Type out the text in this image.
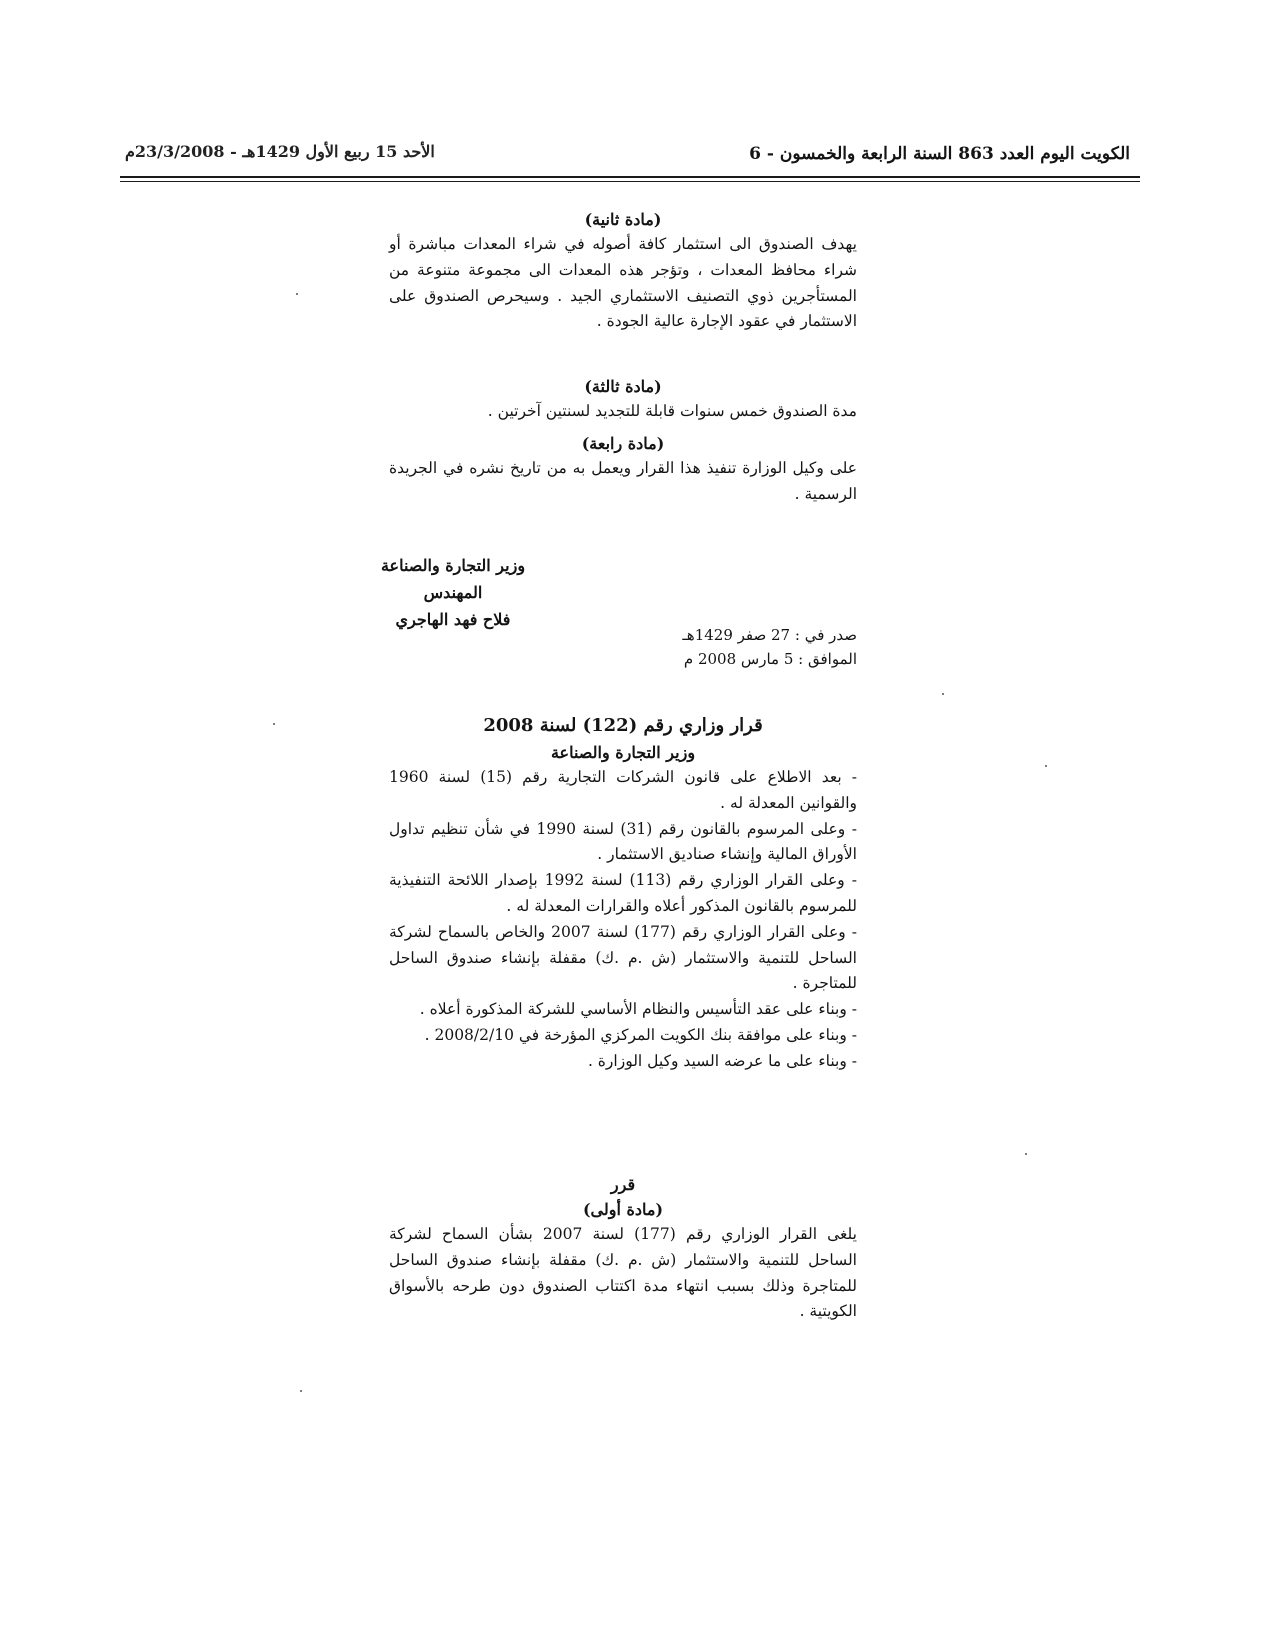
الكويت اليوم العدد 863 السنة الرابعة والخمسون - 6
الأحد 15 ربيع الأول 1429هـ - 23/3/2008م

(مادة ثانية)

يهدف الصندوق الى استثمار كافة أصوله في شراء المعدات مباشرة أو شراء محافظ المعدات ، وتؤجر هذه المعدات الى مجموعة متنوعة من المستأجرين ذوي التصنيف الاستثماري الجيد . وسيحرص الصندوق على الاستثمار في عقود الإجارة عالية الجودة .

(مادة ثالثة)

مدة الصندوق خمس سنوات قابلة للتجديد لسنتين آخرتين .

(مادة رابعة)

على وكيل الوزارة تنفيذ هذا القرار ويعمل به من تاريخ نشره في الجريدة الرسمية .

وزير التجارة والصناعة
المهندس
فلاح فهد الهاجري
صدر في : 27 صفر 1429هـ
الموافق : 5 مارس 2008 م

قرار وزاري رقم (122) لسنة 2008

وزير التجارة والصناعة

- بعد الاطلاع على قانون الشركات التجارية رقم (15) لسنة 1960 والقوانين المعدلة له .

- وعلى المرسوم بالقانون رقم (31) لسنة 1990 في شأن تنظيم تداول الأوراق المالية وإنشاء صناديق الاستثمار .

- وعلى القرار الوزاري رقم (113) لسنة 1992 بإصدار اللائحة التنفيذية للمرسوم بالقانون المذكور أعلاه والقرارات المعدلة له .

- وعلى القرار الوزاري رقم (177) لسنة 2007 والخاص بالسماح لشركة الساحل للتنمية والاستثمار (ش .م .ك) مقفلة بإنشاء صندوق الساحل للمتاجرة .

- وبناء على عقد التأسيس والنظام الأساسي للشركة المذكورة أعلاه .

- وبناء على موافقة بنك الكويت المركزي المؤرخة في 2008/2/10 .

- وبناء على ما عرضه السيد وكيل الوزارة .

قرر

(مادة أولى)

يلغى القرار الوزاري رقم (177) لسنة 2007 بشأن السماح لشركة الساحل للتنمية والاستثمار (ش .م .ك) مقفلة بإنشاء صندوق الساحل للمتاجرة وذلك بسبب انتهاء مدة اكتتاب الصندوق دون طرحه بالأسواق الكويتية .
